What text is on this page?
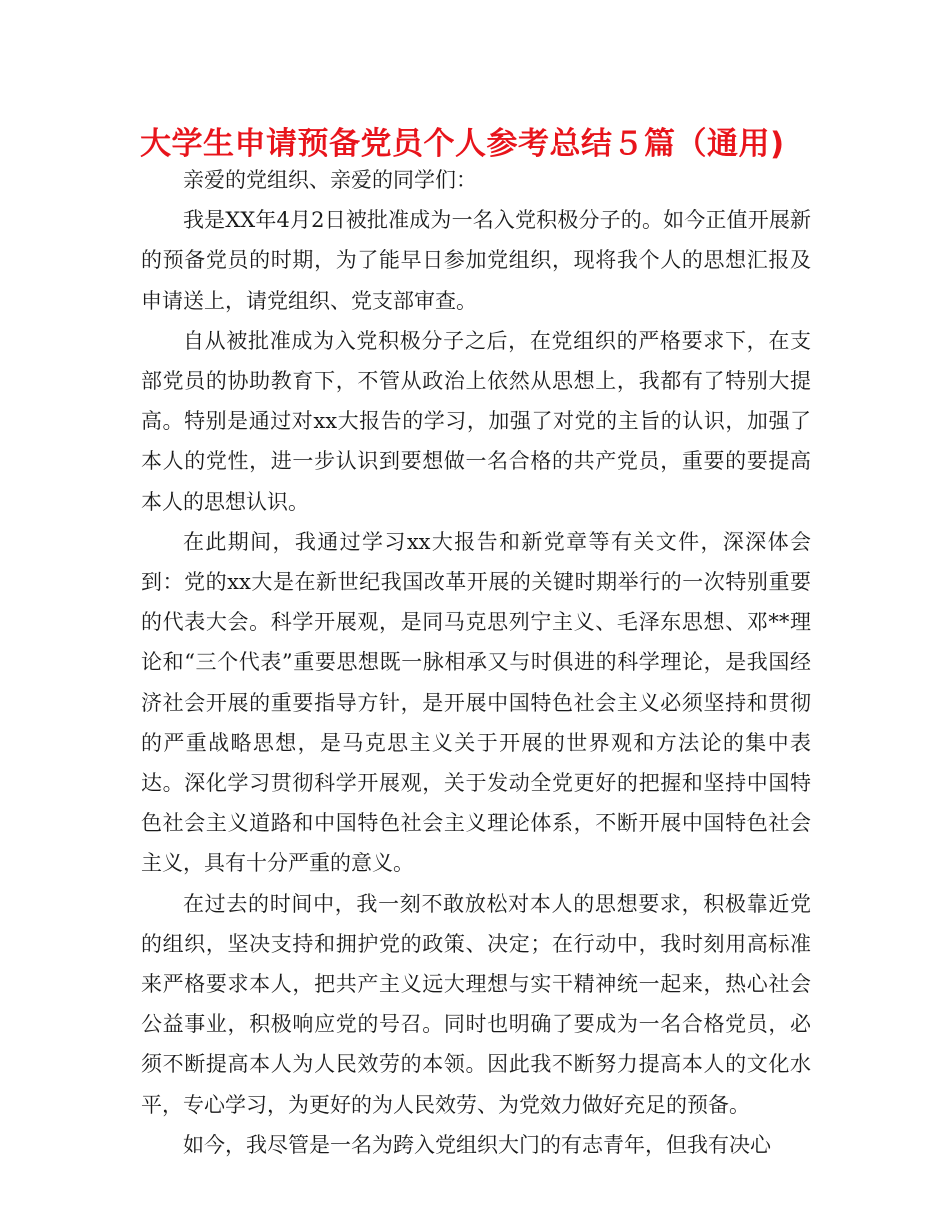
大学生申请预备党员个人参考总结５篇（通用)

亲爱的党组织、亲爱的同学们：

我是XX年4月2日被批准成为一名入党积极分子的。如今正值开展新的预备党员的时期，为了能早日参加党组织，现将我个人的思想汇报及申请送上，请党组织、党支部审查。

自从被批准成为入党积极分子之后，在党组织的严格要求下，在支部党员的协助教育下，不管从政治上依然从思想上，我都有了特别大提高。特别是通过对xx大报告的学习，加强了对党的主旨的认识，加强了本人的党性，进一步认识到要想做一名合格的共产党员，重要的要提高本人的思想认识。

在此期间，我通过学习xx大报告和新党章等有关文件，深深体会到：党的xx大是在新世纪我国改革开展的关键时期举行的一次特别重要的代表大会。科学开展观，是同马克思列宁主义、毛泽东思想、邓**理论和“三个代表”重要思想既一脉相承又与时俱进的科学理论，是我国经济社会开展的重要指导方针，是开展中国特色社会主义必须坚持和贯彻的严重战略思想，是马克思主义关于开展的世界观和方法论的集中表达。深化学习贯彻科学开展观，关于发动全党更好的把握和坚持中国特色社会主义道路和中国特色社会主义理论体系，不断开展中国特色社会主义，具有十分严重的意义。

在过去的时间中，我一刻不敢放松对本人的思想要求，积极靠近党的组织，坚决支持和拥护党的政策、决定；在行动中，我时刻用高标准来严格要求本人，把共产主义远大理想与实干精神统一起来，热心社会公益事业，积极响应党的号召。同时也明确了要成为一名合格党员，必须不断提高本人为人民效劳的本领。因此我不断努力提高本人的文化水平，专心学习，为更好的为人民效劳、为党效力做好充足的预备。

如今，我尽管是一名为跨入党组织大门的有志青年，但我有决心
